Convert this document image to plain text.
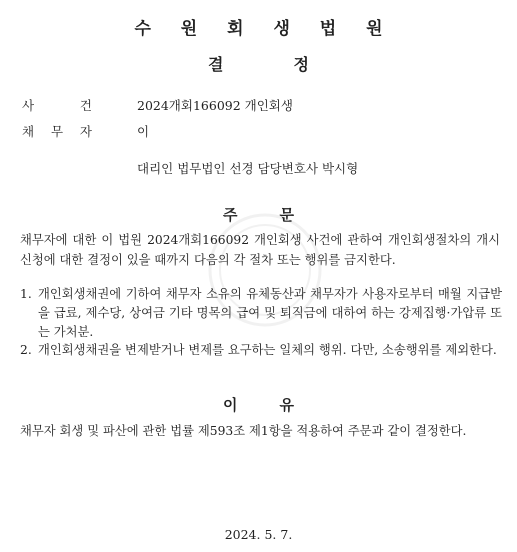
수 원 회 생 법 원
결	정
사	건	2024개회166092 개인회생
채 무 자	이
대리인 법무법인 선경 담당변호사 박시형
주	문
채무자에 대한 이 법원 2024개회166092 개인회생 사건에 관하여 개인회생절차의 개시신청에 대한 결정이 있을 때까지 다음의 각 절차 또는 행위를 금지한다.
1. 개인회생채권에 기하여 채무자 소유의 유체동산과 채무자가 사용자로부터 매월 지급받을 급료, 제수당, 상여금 기타 명목의 급여 및 퇴직금에 대하여 하는 강제집행·가압류 또는 가처분.
2. 개인회생채권을 변제받거나 변제를 요구하는 일체의 행위. 다만, 소송행위를 제외한다.
이	유
채무자 회생 및 파산에 관한 법률 제593조 제1항을 적용하여 주문과 같이 결정한다.
2024. 5. 7.
